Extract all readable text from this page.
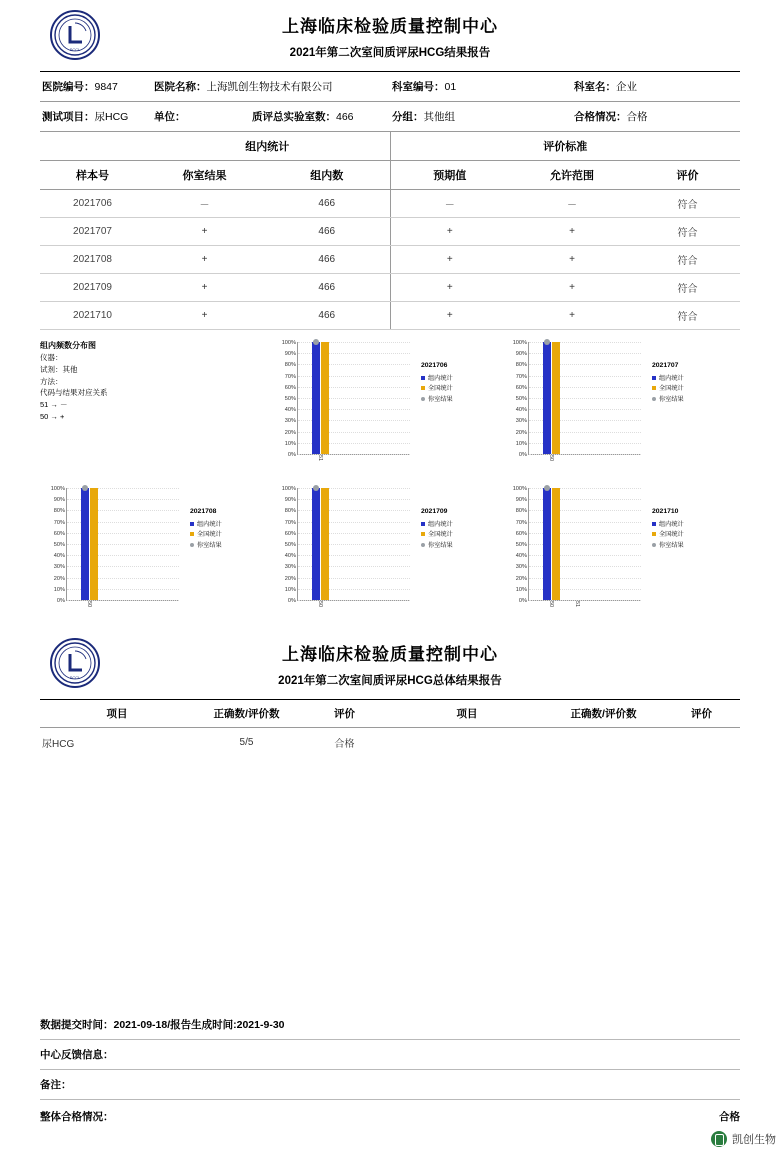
SCCL
上海临床检验质量控制中心
2021年第二次室间质评尿HCG结果报告
医院编号：9847	医院名称：上海凯创生物技术有限公司	科室编号：01	科室名：企业
测试项目：尿HCG	单位：	质评总实验室数：466	分组：其他组	合格情况：合格
	组内统计		评价标准		
样本号	你室结果	组内数	预期值	允许范围	评价
2021706	－	466	－	－	符合
2021707	+	466	+	+	符合
2021708	+	466	+	+	符合
2021709	+	466	+	+	符合
2021710	+	466	+	+	符合
组内频数分布图
仪器：
试剂：其他
方法：
代码与结果对应关系
51 → －
50 → +
100%
90%
80%
70%
60%
50%
40%
30%
20%
10%
0%	51
2021706
组内统计
全国统计
你室结果
100%
90%
80%
70%
60%
50%
40%
30%
20%
10%
0%	50
2021707
组内统计
全国统计
你室结果
100%
90%
80%
70%
60%
50%
40%
30%
20%
10%
0%	50
2021708
组内统计
全国统计
你室结果
100%
90%
80%
70%
60%
50%
40%
30%
20%
10%
0%	50
2021709
组内统计
全国统计
你室结果
100%
90%
80%
70%
60%
50%
40%
30%
20%
10%
0%	50	51
2021710
组内统计
全国统计
你室结果
SCCL
上海临床检验质量控制中心
2021年第二次室间质评尿HCG总体结果报告
项目	正确数/评价数	评价	项目	正确数/评价数	评价
尿HCG	5/5	合格			
数据提交时间：2021-09-18/报告生成时间:2021-9-30
中心反馈信息：
备注：
整体合格情况：	合格
凯创生物
